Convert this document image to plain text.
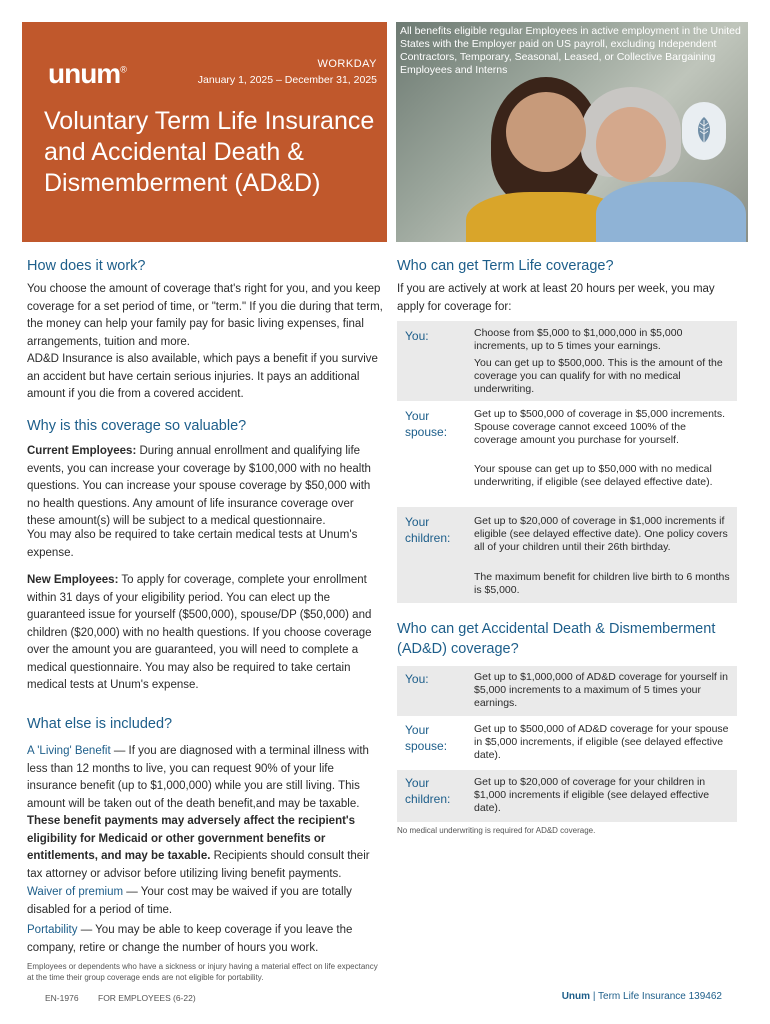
unum®	WORKDAY
January 1, 2025 – December 31, 2025
Voluntary Term Life Insurance
and Accidental Death &
Dismemberment (AD&D)
All benefits eligible regular Employees in active employment in the United States with the Employer paid on US payroll, excluding Independent Contractors, Temporary, Seasonal, Leased, or Collective Bargaining Employees and Interns
How does it work?

You choose the amount of coverage that's right for you, and you keep coverage for a set period of time, or "term." If you die during that term, the money can help your family pay for basic living expenses, final arrangements, tuition and more.

AD&D Insurance is also available, which pays a benefit if you survive an accident but have certain serious injuries. It pays an additional amount if you die from a covered accident.

Why is this coverage so valuable?

Current Employees: During annual enrollment and qualifying life events, you can increase your coverage by $100,000 with no health questions. You can increase your spouse coverage by $50,000 with no health questions. Any amount of life insurance coverage over these amount(s) will be subject to a medical questionnaire.

You may also be required to take certain medical tests at Unum's expense.

New Employees: To apply for coverage, complete your enrollment within 31 days of your eligibility period. You can elect up the guaranteed issue for yourself ($500,000), spouse/DP ($50,000) and children ($20,000) with no health questions. If you choose coverage over the amount you are guaranteed, you will need to complete a medical questionnaire. You may also be required to take certain medical tests at Unum's expense.

What else is included?

A 'Living' Benefit — If you are diagnosed with a terminal illness with less than 12 months to live, you can request 90% of your life insurance benefit (up to $1,000,000) while you are still living. This amount will be taken out of the death benefit,and may be taxable. These benefit payments may adversely affect the recipient's eligibility for Medicaid or other government benefits or entitlements, and may be taxable. Recipients should consult their tax attorney or advisor before utilizing living benefit payments.

Waiver of premium — Your cost may be waived if you are totally disabled for a period of time.

Portability — You may be able to keep coverage if you leave the company, retire or change the number of hours you work.

Employees or dependents who have a sickness or injury having a material effect on life expectancy at the time their group coverage ends are not eligible for portability.
Who can get Term Life coverage?

If you are actively at work at least 20 hours per week, you may apply for coverage for:

You:	Choose from $5,000 to $1,000,000 in $5,000 increments, up to 5 times your earnings.
You can get up to $500,000. This is the amount of the coverage you can qualify for with no medical underwriting.
Your spouse:
Get up to $500,000 of coverage in $5,000 increments. Spouse coverage cannot exceed 100% of the coverage amount you purchase for yourself.
Your spouse can get up to $50,000 with no medical underwriting, if eligible (see delayed effective date).
Your children:
Get up to $20,000 of coverage in $1,000 increments if eligible (see delayed effective date). One policy covers all of your children until their 26th birthday.
The maximum benefit for children live birth to 6 months is $5,000.
Who can get Accidental Death & Dismemberment (AD&D) coverage?
You:	Get up to $1,000,000 of AD&D coverage for yourself in $5,000 increments to a maximum of 5 times your earnings.
Your spouse:
Get up to $500,000 of AD&D coverage for your spouse in $5,000 increments, if eligible (see delayed effective date).
Your children:
Get up to $20,000 of coverage for your children in $1,000 increments if eligible (see delayed effective date).
No medical underwriting is required for AD&D coverage.
EN-1976 FOR EMPLOYEES (6-22)	Unum | Term Life Insurance 139462
